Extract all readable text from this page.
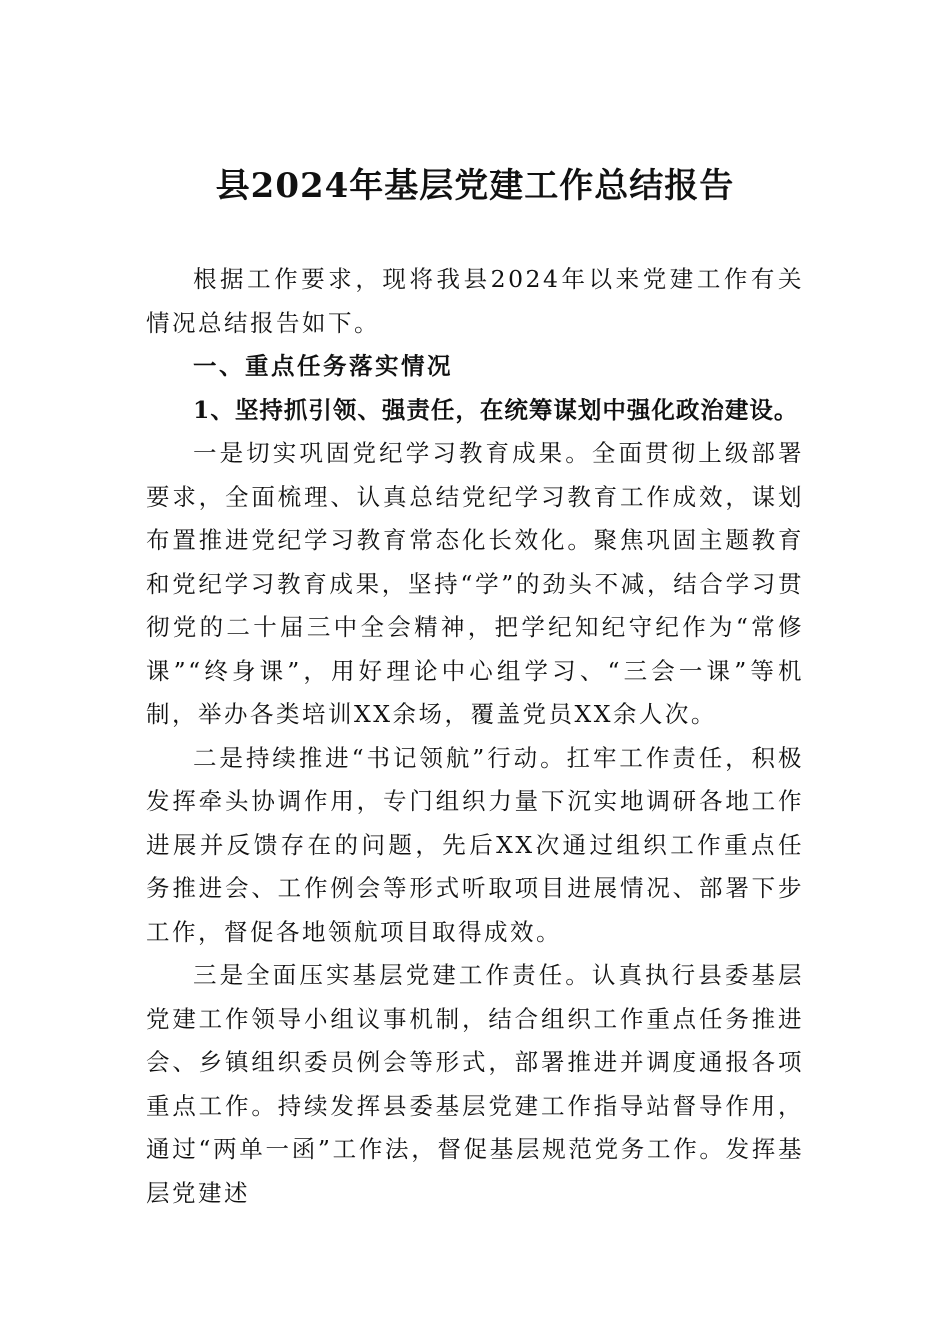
县2024年基层党建工作总结报告

根据工作要求，现将我县2024年以来党建工作有关情况总结报告如下。

一、重点任务落实情况

1、坚持抓引领、强责任，在统筹谋划中强化政治建设。

一是切实巩固党纪学习教育成果。全面贯彻上级部署要求，全面梳理、认真总结党纪学习教育工作成效，谋划布置推进党纪学习教育常态化长效化。聚焦巩固主题教育和党纪学习教育成果，坚持“学”的劲头不减，结合学习贯彻党的二十届三中全会精神，把学纪知纪守纪作为“常修课”“终身课”，用好理论中心组学习、“三会一课”等机制，举办各类培训XX余场，覆盖党员XX余人次。

二是持续推进“书记领航”行动。扛牢工作责任，积极发挥牵头协调作用，专门组织力量下沉实地调研各地工作进展并反馈存在的问题，先后XX次通过组织工作重点任务推进会、工作例会等形式听取项目进展情况、部署下步工作，督促各地领航项目取得成效。

三是全面压实基层党建工作责任。认真执行县委基层党建工作领导小组议事机制，结合组织工作重点任务推进会、乡镇组织委员例会等形式，部署推进并调度通报各项重点工作。持续发挥县委基层党建工作指导站督导作用，通过“两单一函”工作法，督促基层规范党务工作。发挥基层党建述
